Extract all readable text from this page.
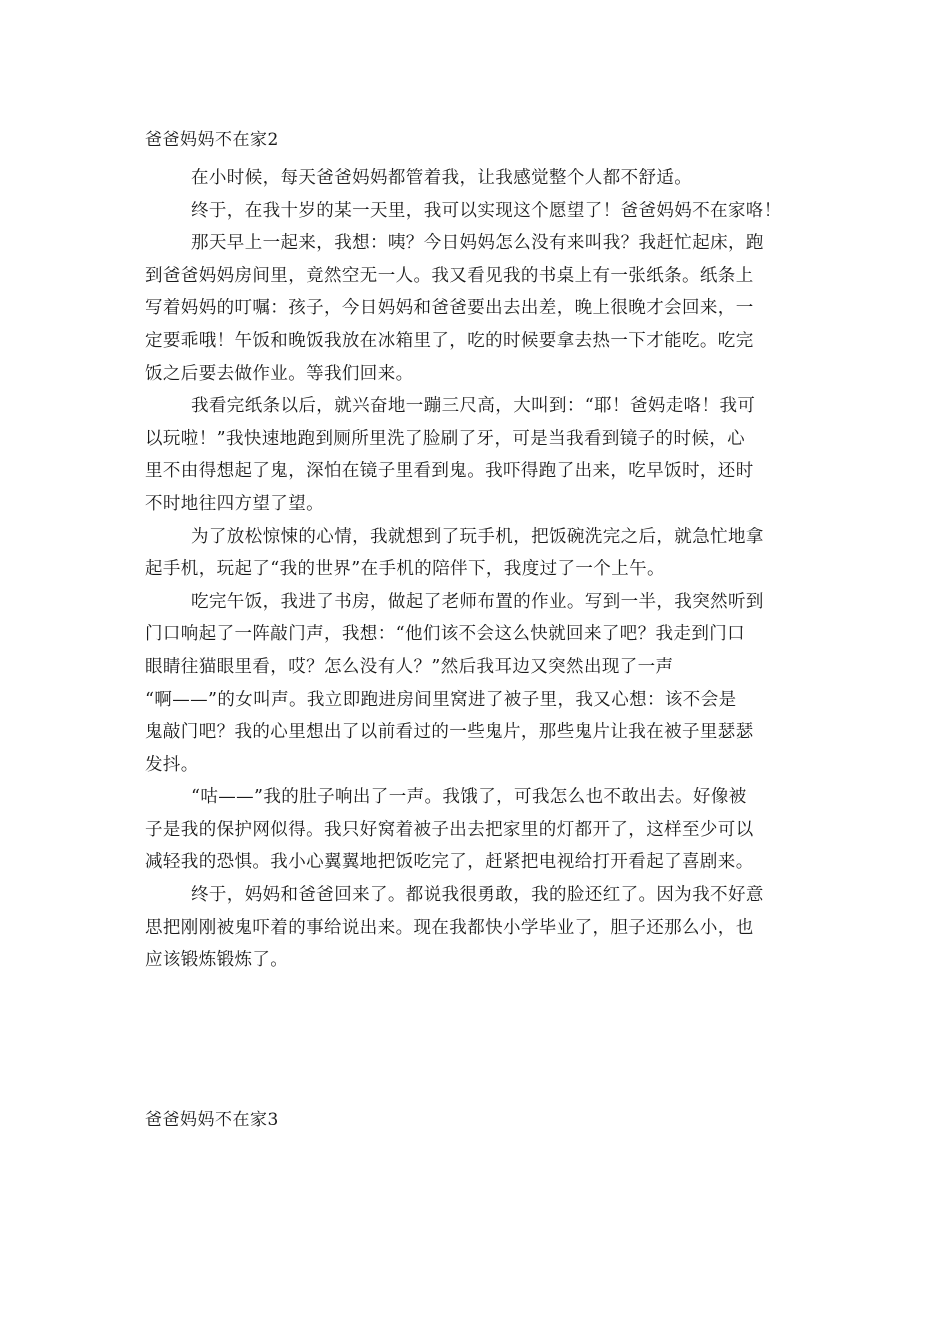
爸爸妈妈不在家2
在小时候，每天爸爸妈妈都管着我，让我感觉整个人都不舒适。
终于，在我十岁的某一天里，我可以实现这个愿望了！爸爸妈妈不在家咯！
那天早上一起来，我想：咦？今日妈妈怎么没有来叫我？我赶忙起床，跑
到爸爸妈妈房间里，竟然空无一人。我又看见我的书桌上有一张纸条。纸条上
写着妈妈的叮嘱：孩子，今日妈妈和爸爸要出去出差，晚上很晚才会回来，一
定要乖哦！午饭和晚饭我放在冰箱里了，吃的时候要拿去热一下才能吃。吃完
饭之后要去做作业。等我们回来。
我看完纸条以后，就兴奋地一蹦三尺高，大叫到：“耶！爸妈走咯！我可
以玩啦！”我快速地跑到厕所里洗了脸刷了牙，可是当我看到镜子的时候，心
里不由得想起了鬼，深怕在镜子里看到鬼。我吓得跑了出来，吃早饭时，还时
不时地往四方望了望。
为了放松惊悚的心情，我就想到了玩手机，把饭碗洗完之后，就急忙地拿
起手机，玩起了“我的世界”在手机的陪伴下，我度过了一个上午。
吃完午饭，我进了书房，做起了老师布置的作业。写到一半，我突然听到
门口响起了一阵敲门声，我想：“他们该不会这么快就回来了吧？我走到门口
眼睛往猫眼里看，哎？怎么没有人？”然后我耳边又突然出现了一声
“啊——”的女叫声。我立即跑进房间里窝进了被子里，我又心想：该不会是
鬼敲门吧？我的心里想出了以前看过的一些鬼片，那些鬼片让我在被子里瑟瑟
发抖。
“咕——”我的肚子响出了一声。我饿了，可我怎么也不敢出去。好像被
子是我的保护网似得。我只好窝着被子出去把家里的灯都开了，这样至少可以
减轻我的恐惧。我小心翼翼地把饭吃完了，赶紧把电视给打开看起了喜剧来。
终于，妈妈和爸爸回来了。都说我很勇敢，我的脸还红了。因为我不好意
思把刚刚被鬼吓着的事给说出来。现在我都快小学毕业了，胆子还那么小，也
应该锻炼锻炼了。
爸爸妈妈不在家3
